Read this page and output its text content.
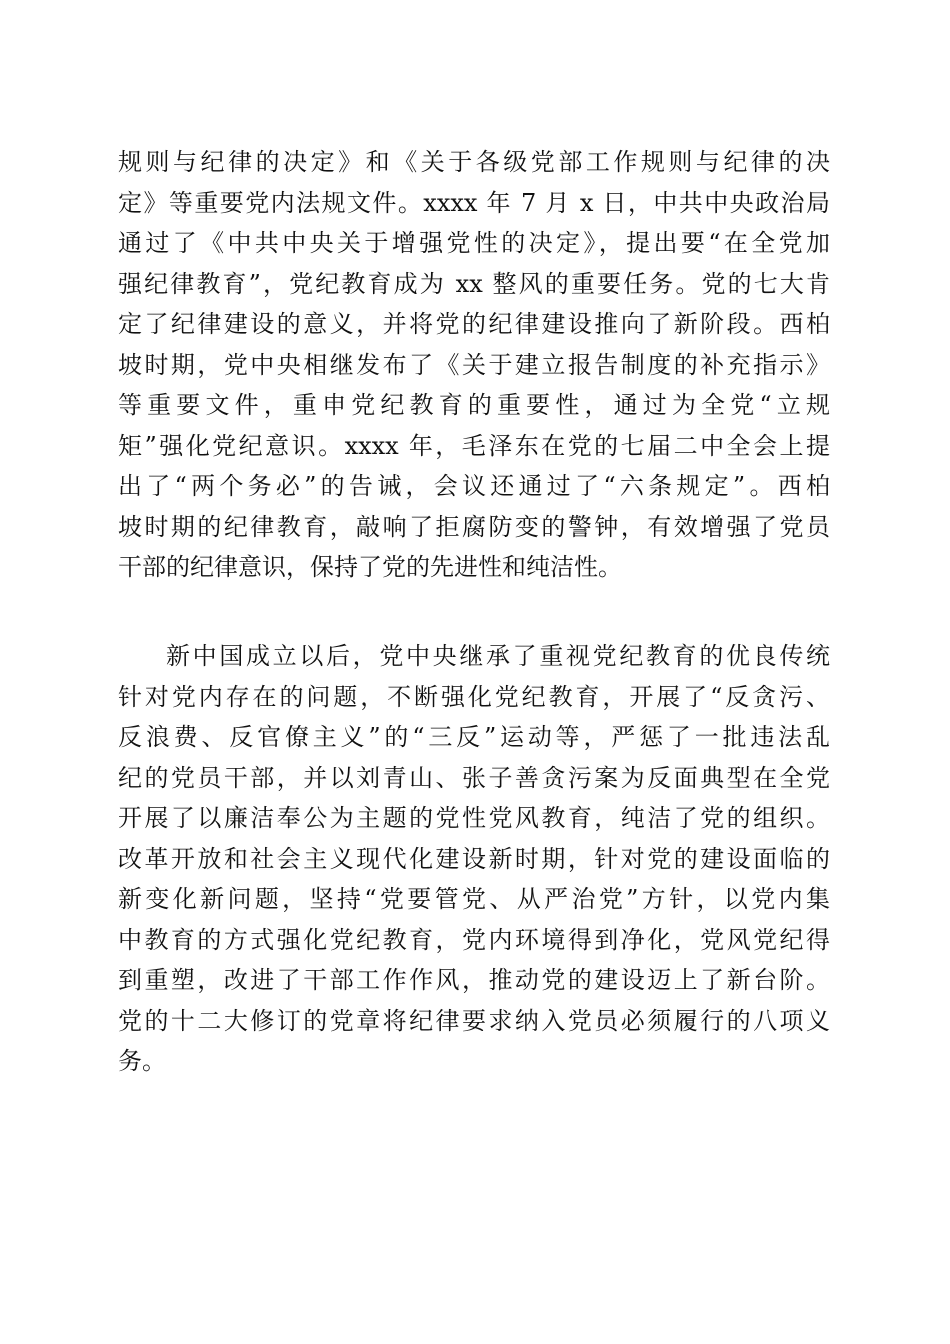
规则与纪律的决定》和《关于各级党部工作规则与纪律的决
定》等重要党内法规文件。xxxx 年 7 月 x 日，中共中央政治局
通过了《中共中央关于增强党性的决定》，提出要“在全党加
强纪律教育”，党纪教育成为 xx 整风的重要任务。党的七大肯
定了纪律建设的意义，并将党的纪律建设推向了新阶段。西柏
坡时期，党中央相继发布了《关于建立报告制度的补充指示》
等重要文件，重申党纪教育的重要性，通过为全党“立规
矩”强化党纪意识。xxxx 年，毛泽东在党的七届二中全会上提
出了“两个务必”的告诫，会议还通过了“六条规定”。西柏
坡时期的纪律教育，敲响了拒腐防变的警钟，有效增强了党员
干部的纪律意识，保持了党的先进性和纯洁性。
新中国成立以后，党中央继承了重视党纪教育的优良传统
针对党内存在的问题，不断强化党纪教育，开展了“反贪污、
反浪费、反官僚主义”的“三反”运动等，严惩了一批违法乱
纪的党员干部，并以刘青山、张子善贪污案为反面典型在全党
开展了以廉洁奉公为主题的党性党风教育，纯洁了党的组织。
改革开放和社会主义现代化建设新时期，针对党的建设面临的
新变化新问题，坚持“党要管党、从严治党”方针，以党内集
中教育的方式强化党纪教育，党内环境得到净化，党风党纪得
到重塑，改进了干部工作作风，推动党的建设迈上了新台阶。
党的十二大修订的党章将纪律要求纳入党员必须履行的八项义
务。
